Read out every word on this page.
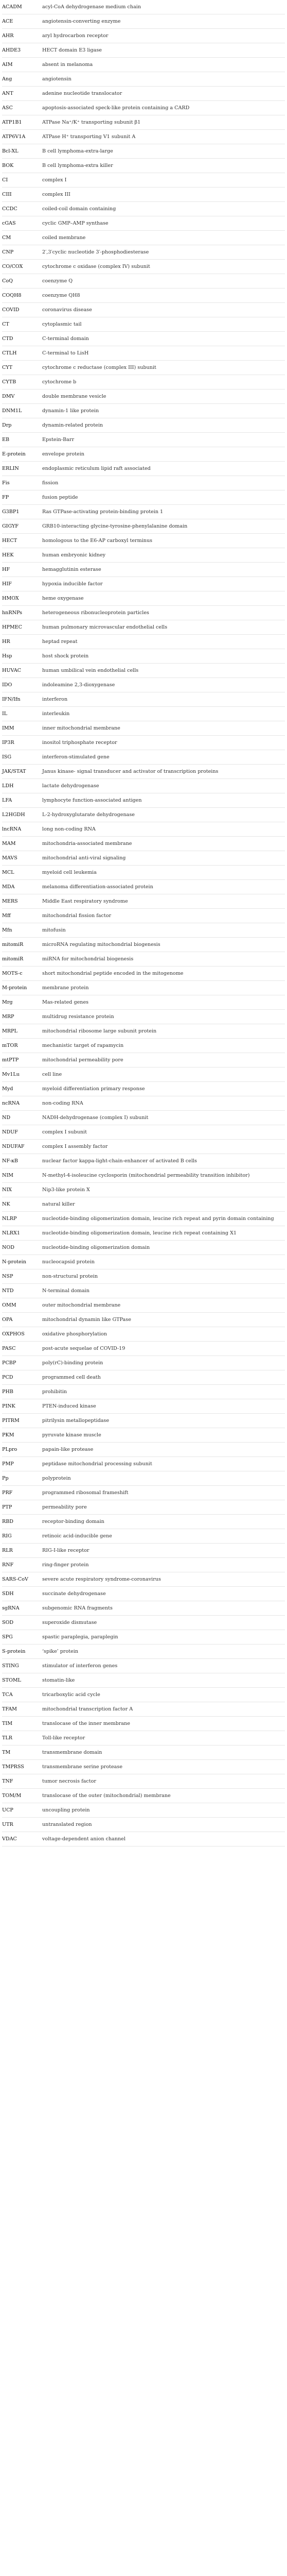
ACADM	acyl-CoA dehydrogenase medium chain
ACE	angiotensin-converting enzyme
AHR	aryl hydrocarbon receptor
AHDE3	HECT domain E3 ligase
AIM	absent in melanoma
Ang	angiotensin
ANT	adenine nucleotide translocator
ASC	apoptosis-associated speck-like protein containing a CARD
ATP1B1	ATPase Na⁺/K⁺ transporting subunit β1
ATP6V1A	ATPase H⁺ transporting V1 subunit A
Bcl-XL	B cell lymphoma-extra-large
BOK	B cell lymphoma-extra killer
CI	complex I
CIII	complex III
CCDC	coiled-coil domain containing
cGAS	cyclic GMP–AMP synthase
CM	coiled membrane
CNP	2′,3′cyclic nucleotide 3′-phosphodiesterase
CO/COX	cytochrome c oxidase (complex IV) subunit
CoQ	coenzyme Q
COQH8	coenzyme QH8
COVID	coronavirus disease
CT	cytoplasmic tail
CTD	C-terminal domain
CTLH	C-terminal to LisH
CYT	cytochrome c reductase (complex III) subunit
CYTB	cytochrome b
DMV	double membrane vesicle
DNM1L	dynamin-1 like protein
Drp	dynamin-related protein
EB	Epstein-Barr
E-protein	envelope protein
ERLIN	endoplasmic reticulum lipid raft associated
Fis	fission
FP	fusion peptide
G3BP1	Ras GTPase-activating protein-binding protein 1
GIGYF	GRB10-interacting glycine-tyrosine-phenylalanine domain
HECT	homologous to the E6-AP carboxyl terminus
HEK	human embryonic kidney
HF	hemagglutinin esterase
HIF	hypoxia inducible factor
HMOX	heme oxygenase
hnRNPs	heterogeneous ribonucleoprotein particles
HPMEC	human pulmonary microvascular endothelial cells
HR	heptad repeat
Hsp	host shock protein
HUVAC	human umbilical vein endothelial cells
IDO	indoleamine 2,3-dioxygenase
IFN/Ifn	interferon
IL	interleukin
IMM	inner mitochondrial membrane
IP3R	inositol triphosphate receptor
ISG	interferon-stimulated gene
JAK/STAT	Janus kinase- signal transducer and activator of transcription proteins
LDH	lactate dehydrogenase
LFA	lymphocyte function-associated antigen
L2HGDH	L-2-hydroxyglutarate dehydrogenase
lncRNA	long non-coding RNA
MAM	mitochondria-associated membrane
MAVS	mitochondrial anti-viral signaling
MCL	myeloid cell leukemia
MDA	melanoma differentiation-associated protein
MERS	Middle East respiratory syndrome
Mff	mitochondrial fission factor
Mfn	mitofusin
mitomiR	microRNA regulating mitochondrial biogenesis
mitomiR	miRNA for mitochondrial biogenesis
MOTS-c	short mitochondrial peptide encoded in the mitogenome
M-protein	membrane protein
Mrg	Mas-related genes
MRP	multidrug resistance protein
MRPL	mitochondrial ribosome large subunit protein
mTOR	mechanistic target of rapamycin
mtPTP	mitochondrial permeability pore
Mv1Lu	cell line
Myd	myeloid differentiation primary response
ncRNA	non-coding RNA
ND	NADH-dehydrogenase (complex I) subunit
NDUF	complex I subunit
NDUFAF	complex I assembly factor
NF-κB	nuclear factor kappa-light-chain-enhancer of activated B cells
NIM	N-methyl-4-isoleucine cyclosporin (mitochondrial permeability transition inhibitor)
NIX	Nip3-like protein X
NK	natural killer
NLRP	nucleotide-binding oligomerization domain, leucine rich repeat and pyrin domain containing
NLRX1	nucleotide-binding oligomerization domain, leucine rich repeat containing X1
NOD	nucleotide-binding oligomerization domain
N-protein	nucleocapsid protein
NSP	non-structural protein
NTD	N-terminal domain
OMM	outer mitochondrial membrane
OPA	mitochondrial dynamin like GTPase
OXPHOS	oxidative phosphorylation
PASC	post-acute sequelae of COVID-19
PCBP	poly(rC)-binding protein
PCD	programmed cell death
PHB	prohibitin
PINK	PTEN-induced kinase
PITRM	pitrilysin metallopeptidase
PKM	pyruvate kinase muscle
PLpro	papain-like protease
PMP	peptidase mitochondrial processing subunit
Pp	polyprotein
PRF	programmed ribosomal frameshift
PTP	permeability pore
RBD	receptor-binding domain
RIG	retinoic acid-inducible gene
RLR	RIG-I-like receptor
RNF	ring-finger protein
SARS-CoV	severe acute respiratory syndrome-coronavirus
SDH	succinate dehydrogenase
sgRNA	subgenomic RNA fragments
SOD	superoxide dismutase
SPG	spastic paraplegia, paraplegin
S-protein	‘spike’ protein
STING	stimulator of interferon genes
STOML	stomatin-like
TCA	tricarboxylic acid cycle
TFAM	mitochondrial transcription factor A
TIM	translocase of the inner membrane
TLR	Toll-like receptor
TM	transmembrane domain
TMPRSS	transmembrane serine protease
TNF	tumor necrosis factor
TOM/M	translocase of the outer (mitochondrial) membrane
UCP	uncoupling protein
UTR	untranslated region
VDAC	voltage-dependent anion channel
